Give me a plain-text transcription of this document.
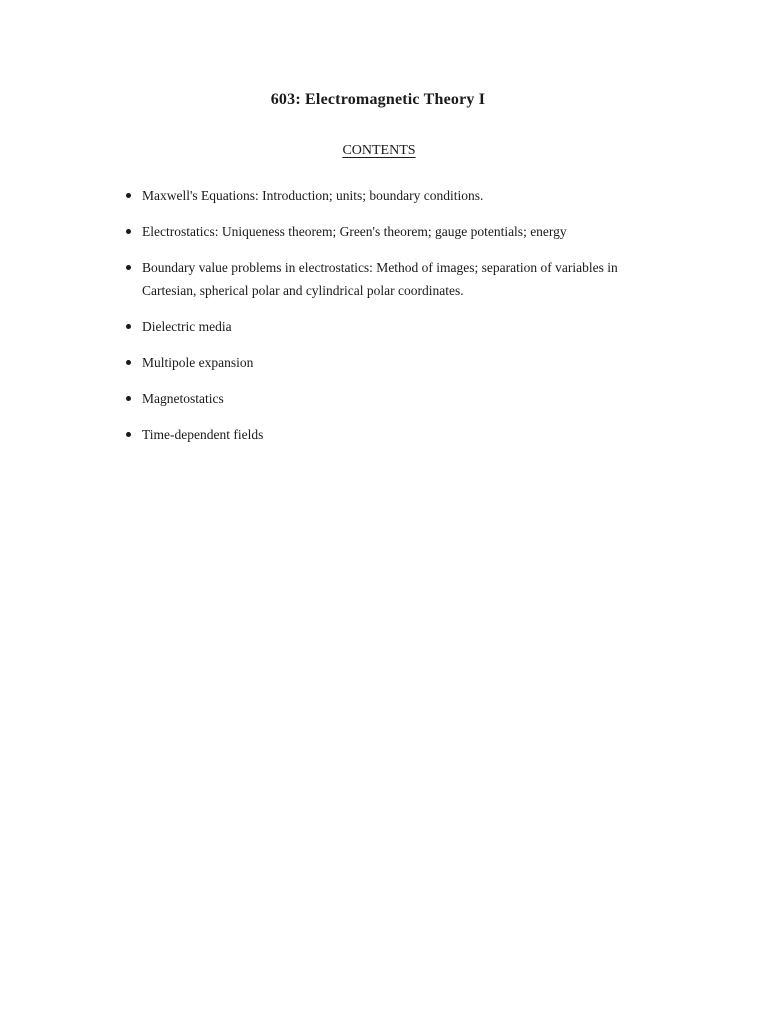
603: Electromagnetic Theory I
CONTENTS
Maxwell's Equations: Introduction; units; boundary conditions.
Electrostatics: Uniqueness theorem; Green's theorem; gauge potentials; energy
Boundary value problems in electrostatics: Method of images; separation of variables in Cartesian, spherical polar and cylindrical polar coordinates.
Dielectric media
Multipole expansion
Magnetostatics
Time-dependent fields
